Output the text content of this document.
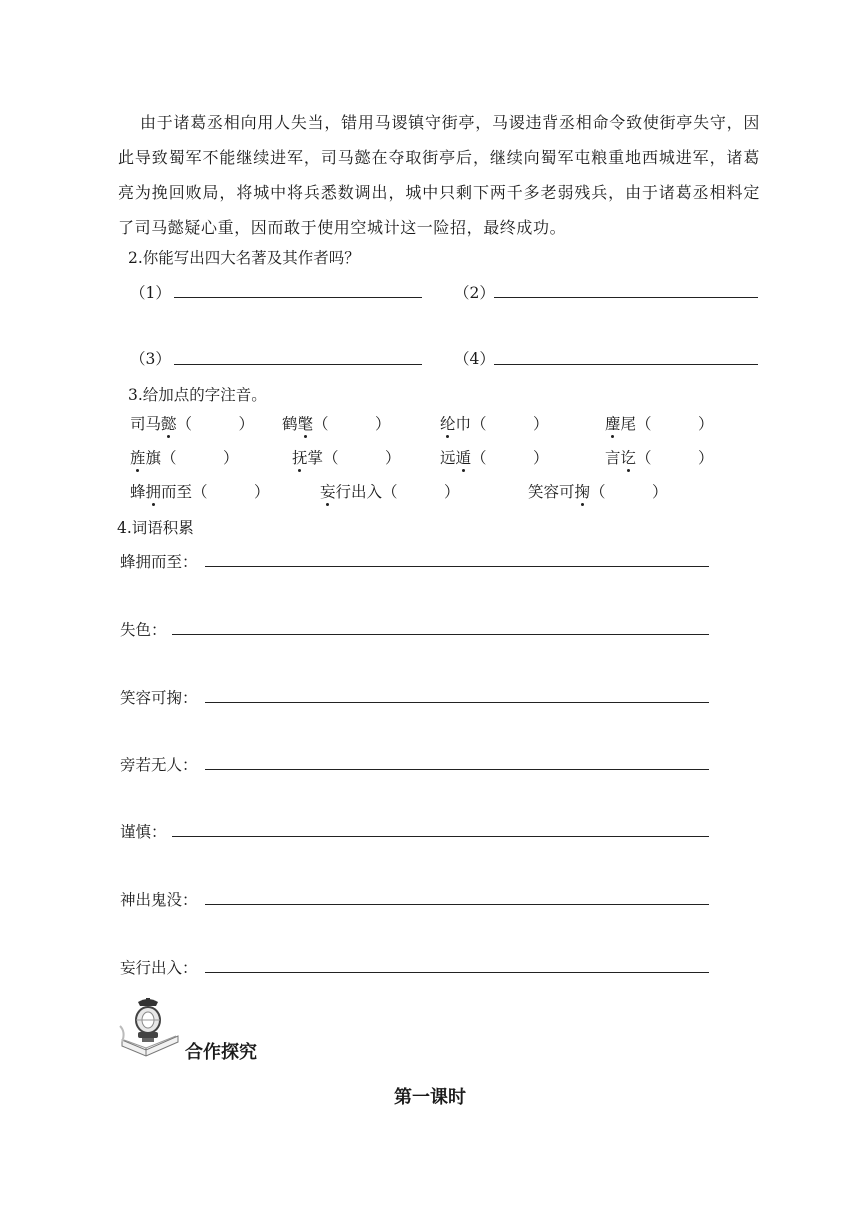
由于诸葛丞相向用人失当，错用马谡镇守街亭，马谡违背丞相命令致使街亭失守，因此导致蜀军不能继续进军，司马懿在夺取街亭后，继续向蜀军屯粮重地西城进军，诸葛亮为挽回败局，将城中将兵悉数调出，城中只剩下两千多老弱残兵，由于诸葛丞相料定了司马懿疑心重，因而敢于使用空城计这一险招，最终成功。
2.你能写出四大名著及其作者吗？
（1）	（2）
（3）	（4）
3.给加点的字注音。
司马懿（　　　） 鹤氅（　　　）	纶巾（　　　）	麈尾（　　　）
旌旗（　　　）	抚掌（　　　）	远遁（　　　）	言讫（　　　）
蜂拥而至（　　　）	妄行出入（　　　）	笑容可掬（　　　）
4.词语积累
蜂拥而至：
失色：
笑容可掬：
旁若无人：
谨慎：
神出鬼没：
妄行出入：
合作探究
第一课时
